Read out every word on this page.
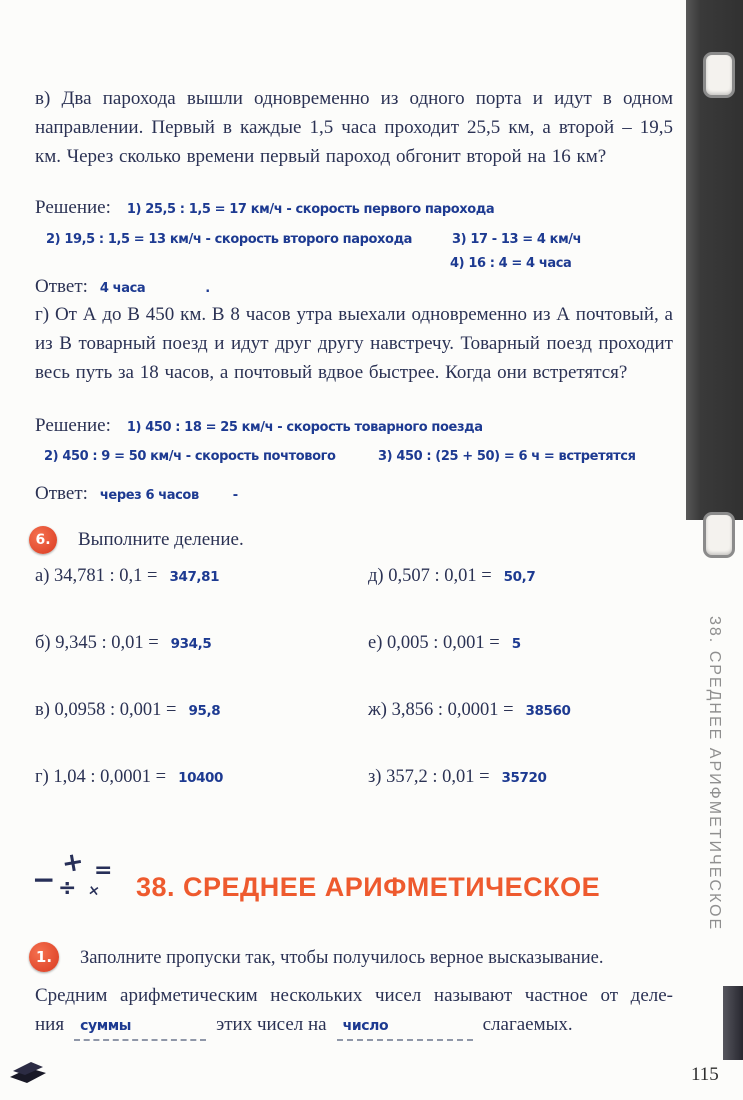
38. СРЕДНЕЕ АРИФМЕТИЧЕСКОЕ

в) Два парохода вышли одновременно из одного порта и идут в одном направлении. Первый в каждые 1,5 часа проходит 25,5 км, а второй – 19,5 км. Через сколько времени первый пароход обгонит второй на 16 км?

Решение: 1) 25,5 : 1,5 = 17 км/ч - скорость первого парохода
2) 19,5 : 1,5 = 13 км/ч - скорость второго парохода	3) 17 - 13 = 4 км/ч
4) 16 : 4 = 4 часа
Ответ: 4 часа	.

г) От А до В 450 км. В 8 часов утра выехали одновременно из А почтовый, а из В товарный поезд и идут друг другу навстречу. Товарный поезд проходит весь путь за 18 часов, а почтовый вдвое быстрее. Когда они встретятся?

Решение: 1) 450 : 18 = 25 км/ч - скорость товарного поезда
2) 450 : 9 = 50 км/ч - скорость почтового	3) 450 : (25 + 50) = 6 ч = встретятся
Ответ: через 6 часов	-
6.	Выполните деление.
а) 34,781 : 0,1 = 347,81	д) 0,507 : 0,01 = 50,7
б) 9,345 : 0,01 = 934,5	е) 0,005 : 0,001 = 5
в) 0,0958 : 0,001 = 95,8	ж) 3,856 : 0,0001 = 38560
г) 1,04 : 0,0001 = 10400	з) 357,2 : 0,01 = 35720
+ =
− ×
÷ 38. СРЕДНЕЕ АРИФМЕТИЧЕСКОЕ
1.	Заполните пропуски так, чтобы получилось верное высказывание.
Средним арифметическим нескольких чисел называют частное от деле-
ния	суммы	этих чисел на	число	слагаемых.
115
